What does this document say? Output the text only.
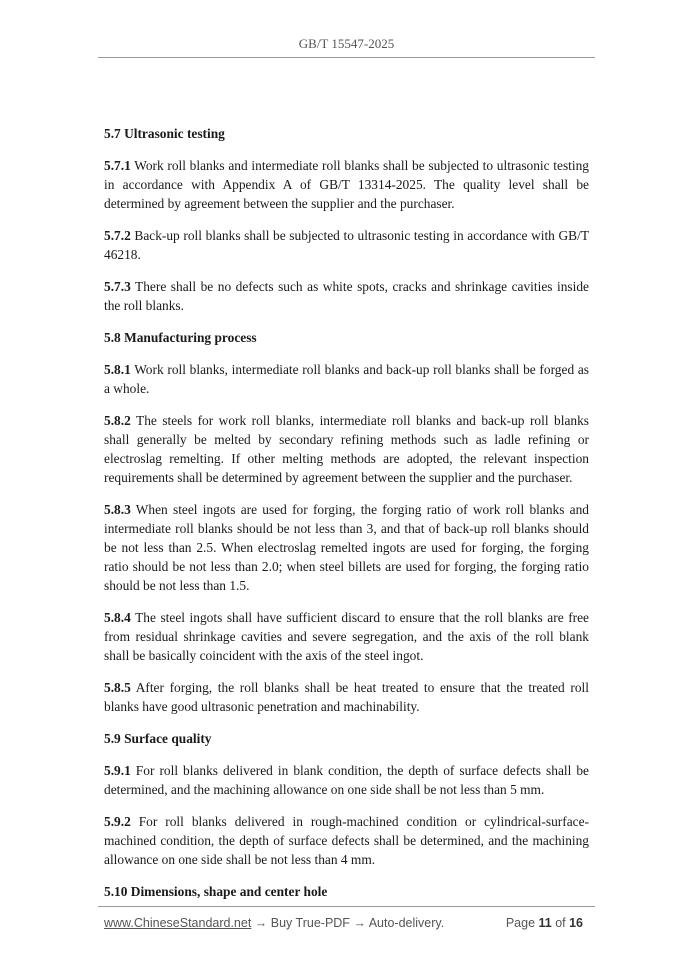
GB/T 15547-2025
5.7 Ultrasonic testing

5.7.1 Work roll blanks and intermediate roll blanks shall be subjected to ultrasonic testing in accordance with Appendix A of GB/T 13314-2025. The quality level shall be determined by agreement between the supplier and the purchaser.

5.7.2 Back-up roll blanks shall be subjected to ultrasonic testing in accordance with GB/T 46218.

5.7.3 There shall be no defects such as white spots, cracks and shrinkage cavities inside the roll blanks.

5.8 Manufacturing process

5.8.1 Work roll blanks, intermediate roll blanks and back-up roll blanks shall be forged as a whole.

5.8.2 The steels for work roll blanks, intermediate roll blanks and back-up roll blanks shall generally be melted by secondary refining methods such as ladle refining or electroslag remelting. If other melting methods are adopted, the relevant inspection requirements shall be determined by agreement between the supplier and the purchaser.

5.8.3 When steel ingots are used for forging, the forging ratio of work roll blanks and intermediate roll blanks should be not less than 3, and that of back-up roll blanks should be not less than 2.5. When electroslag remelted ingots are used for forging, the forging ratio should be not less than 2.0; when steel billets are used for forging, the forging ratio should be not less than 1.5.

5.8.4 The steel ingots shall have sufficient discard to ensure that the roll blanks are free from residual shrinkage cavities and severe segregation, and the axis of the roll blank shall be basically coincident with the axis of the steel ingot.

5.8.5 After forging, the roll blanks shall be heat treated to ensure that the treated roll blanks have good ultrasonic penetration and machinability.

5.9 Surface quality

5.9.1 For roll blanks delivered in blank condition, the depth of surface defects shall be determined, and the machining allowance on one side shall be not less than 5 mm.

5.9.2 For roll blanks delivered in rough-machined condition or cylindrical-surface-machined condition, the depth of surface defects shall be determined, and the machining allowance on one side shall be not less than 4 mm.

5.10 Dimensions, shape and center hole
www.ChineseStandard.net → Buy True-PDF → Auto-delivery.	Page 11 of 16
